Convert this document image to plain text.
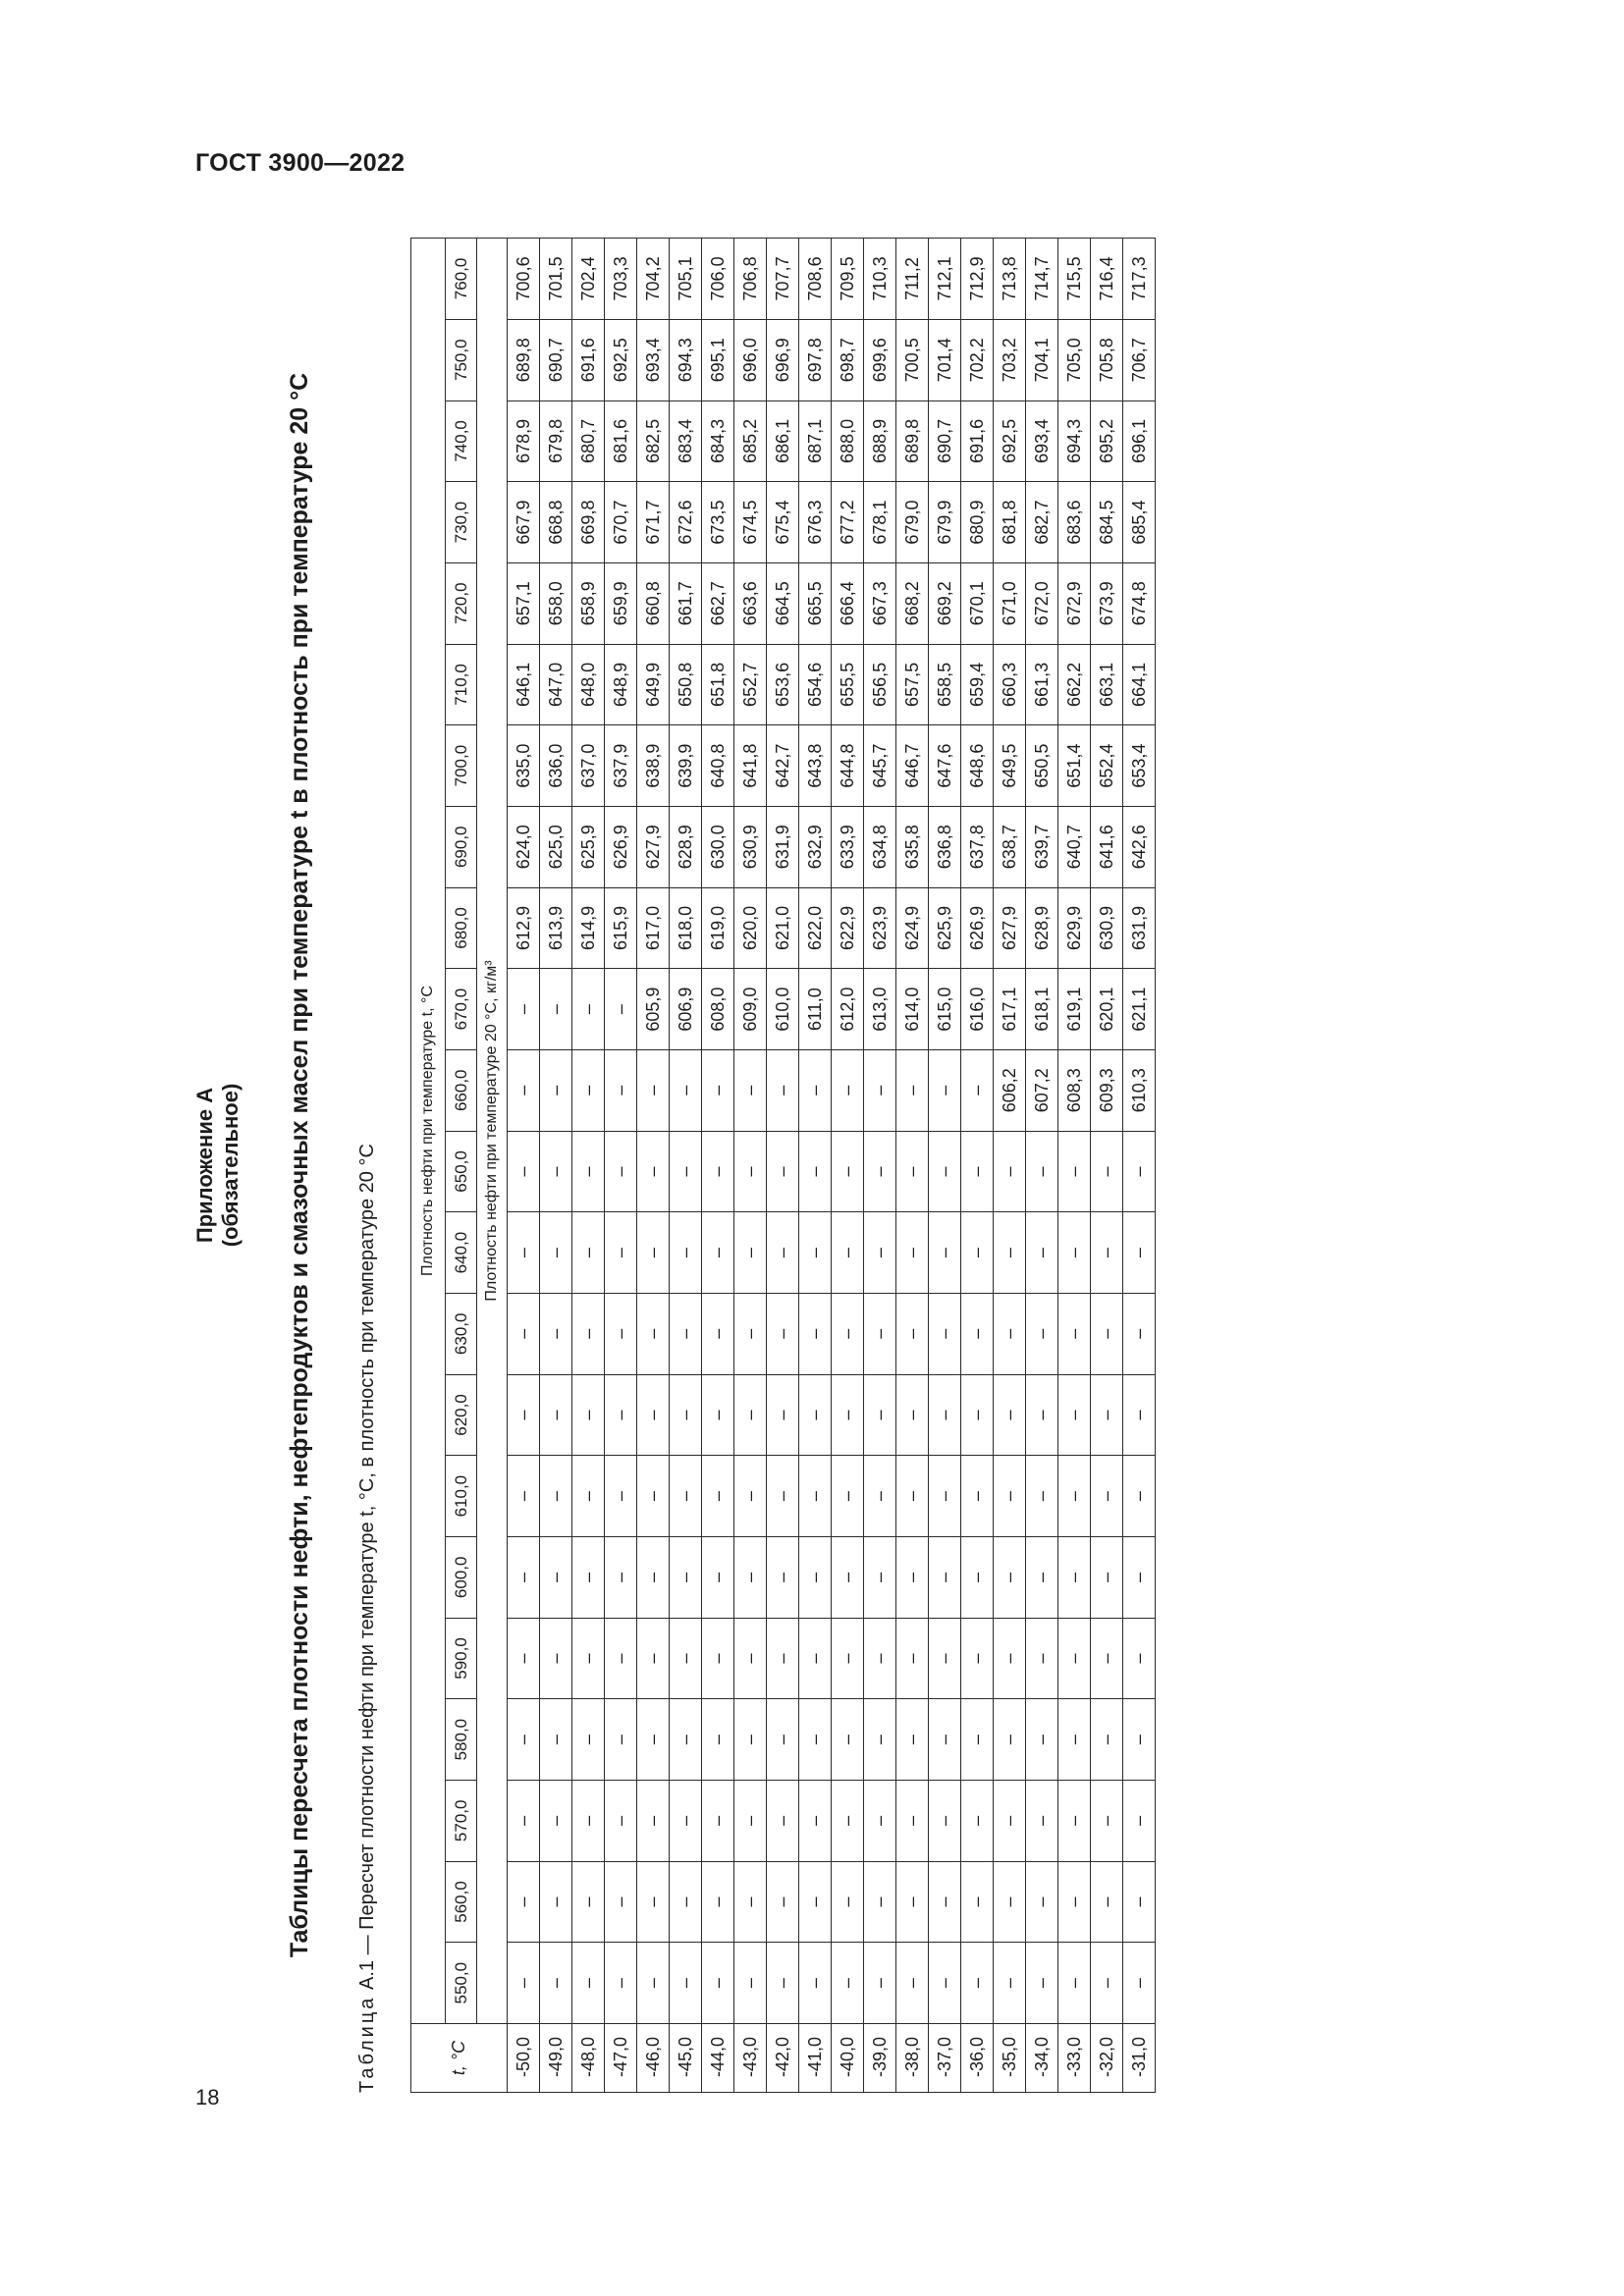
ГОСТ 3900—2022
18
Приложение А (обязательное) Таблицы пересчета плотности нефти, нефтепродуктов и смазочных масел при температуре t в плотность при температуре 20 °С
Таблица А.1 — Пересчет плотности нефти при температуре t, °С, в плотность при температуре 20 °С
t, °С	Плотность нефти при температуре t, °С																					
	550,0	560,0	570,0	580,0	590,0	600,0	610,0	620,0	630,0	640,0	650,0	660,0	670,0	680,0	690,0	700,0	710,0	720,0	730,0	740,0	750,0	760,0
	Плотность нефти при температуре 20 °С, кг/м³																					
-50,0	–	–	–	–	–	–	–	–	–	–	–	–	–	612,9	624,0	635,0	646,1	657,1	667,9	678,9	689,8	700,6
-49,0	–	–	–	–	–	–	–	–	–	–	–	–	–	613,9	625,0	636,0	647,0	658,0	668,8	679,8	690,7	701,5
-48,0	–	–	–	–	–	–	–	–	–	–	–	–	–	614,9	625,9	637,0	648,0	658,9	669,8	680,7	691,6	702,4
-47,0	–	–	–	–	–	–	–	–	–	–	–	–	–	615,9	626,9	637,9	648,9	659,9	670,7	681,6	692,5	703,3
-46,0	–	–	–	–	–	–	–	–	–	–	–	–	605,9	617,0	627,9	638,9	649,9	660,8	671,7	682,5	693,4	704,2
-45,0	–	–	–	–	–	–	–	–	–	–	–	–	606,9	618,0	628,9	639,9	650,8	661,7	672,6	683,4	694,3	705,1
-44,0	–	–	–	–	–	–	–	–	–	–	–	–	608,0	619,0	630,0	640,8	651,8	662,7	673,5	684,3	695,1	706,0
-43,0	–	–	–	–	–	–	–	–	–	–	–	–	609,0	620,0	630,9	641,8	652,7	663,6	674,5	685,2	696,0	706,8
-42,0	–	–	–	–	–	–	–	–	–	–	–	–	610,0	621,0	631,9	642,7	653,6	664,5	675,4	686,1	696,9	707,7
-41,0	–	–	–	–	–	–	–	–	–	–	–	–	611,0	622,0	632,9	643,8	654,6	665,5	676,3	687,1	697,8	708,6
-40,0	–	–	–	–	–	–	–	–	–	–	–	–	612,0	622,9	633,9	644,8	655,5	666,4	677,2	688,0	698,7	709,5
-39,0	–	–	–	–	–	–	–	–	–	–	–	–	613,0	623,9	634,8	645,7	656,5	667,3	678,1	688,9	699,6	710,3
-38,0	–	–	–	–	–	–	–	–	–	–	–	–	614,0	624,9	635,8	646,7	657,5	668,2	679,0	689,8	700,5	711,2
-37,0	–	–	–	–	–	–	–	–	–	–	–	–	615,0	625,9	636,8	647,6	658,5	669,2	679,9	690,7	701,4	712,1
-36,0	–	–	–	–	–	–	–	–	–	–	–	–	616,0	626,9	637,8	648,6	659,4	670,1	680,9	691,6	702,2	712,9
-35,0	–	–	–	–	–	–	–	–	–	–	–	606,2	617,1	627,9	638,7	649,5	660,3	671,0	681,8	692,5	703,2	713,8
-34,0	–	–	–	–	–	–	–	–	–	–	–	607,2	618,1	628,9	639,7	650,5	661,3	672,0	682,7	693,4	704,1	714,7
-33,0	–	–	–	–	–	–	–	–	–	–	–	608,3	619,1	629,9	640,7	651,4	662,2	672,9	683,6	694,3	705,0	715,5
-32,0	–	–	–	–	–	–	–	–	–	–	–	609,3	620,1	630,9	641,6	652,4	663,1	673,9	684,5	695,2	705,8	716,4
-31,0	–	–	–	–	–	–	–	–	–	–	–	610,3	621,1	631,9	642,6	653,4	664,1	674,8	685,4	696,1	706,7	717,3
